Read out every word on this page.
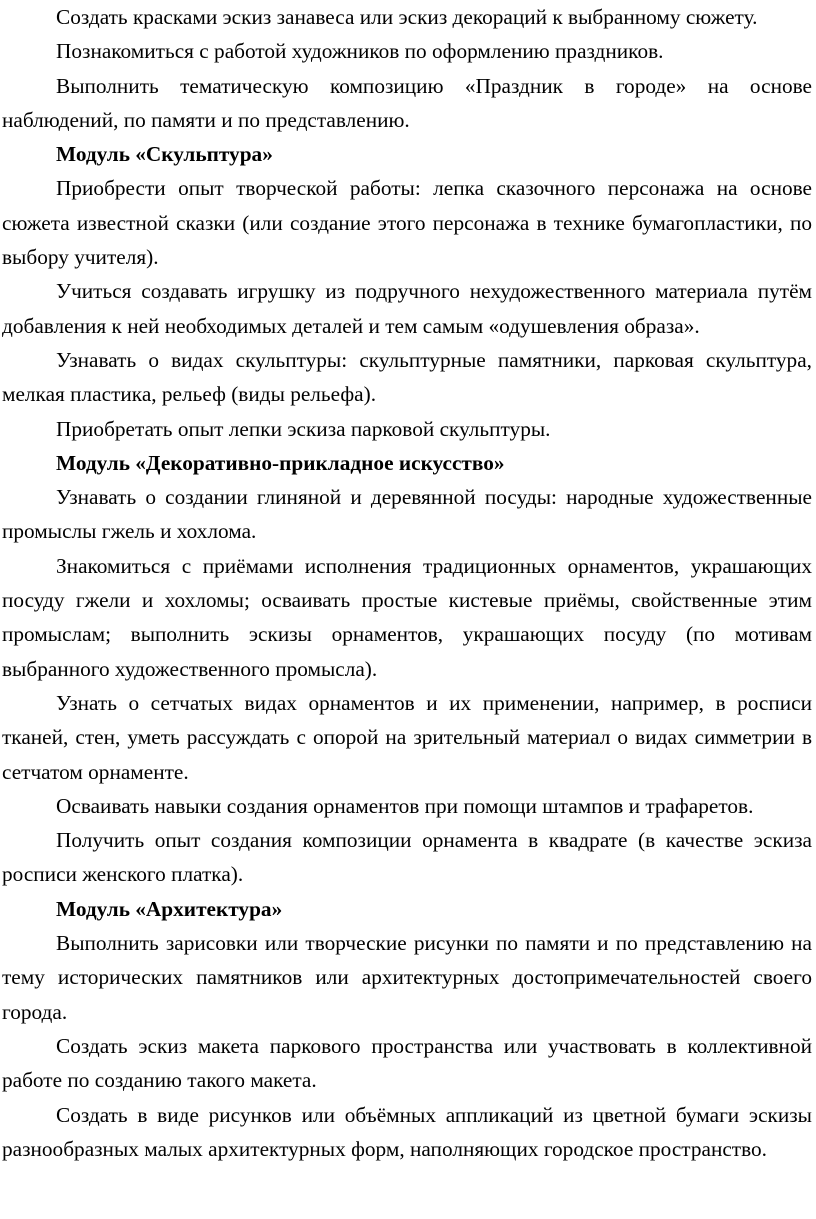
Создать красками эскиз занавеса или эскиз декораций к выбранному сюжету.

Познакомиться с работой художников по оформлению праздников.

Выполнить тематическую композицию «Праздник в городе» на основе наблюдений, по памяти и по представлению.

Модуль «Скульптура»

Приобрести опыт творческой работы: лепка сказочного персонажа на основе сюжета известной сказки (или создание этого персонажа в технике бумагопластики, по выбору учителя).

Учиться создавать игрушку из подручного нехудожественного материала путём добавления к ней необходимых деталей и тем самым «одушевления образа».

Узнавать о видах скульптуры: скульптурные памятники, парковая скульптура, мелкая пластика, рельеф (виды рельефа).

Приобретать опыт лепки эскиза парковой скульптуры.

Модуль «Декоративно-прикладное искусство»

Узнавать о создании глиняной и деревянной посуды: народные художественные промыслы гжель и хохлома.

Знакомиться с приёмами исполнения традиционных орнаментов, украшающих посуду гжели и хохломы; осваивать простые кистевые приёмы, свойственные этим промыслам; выполнить эскизы орнаментов, украшающих посуду (по мотивам выбранного художественного промысла).

Узнать о сетчатых видах орнаментов и их применении, например, в росписи тканей, стен, уметь рассуждать с опорой на зрительный материал о видах симметрии в сетчатом орнаменте.

Осваивать навыки создания орнаментов при помощи штампов и трафаретов.

Получить опыт создания композиции орнамента в квадрате (в качестве эскиза росписи женского платка).

Модуль «Архитектура»

Выполнить зарисовки или творческие рисунки по памяти и по представлению на тему исторических памятников или архитектурных достопримечательностей своего города.

Создать эскиз макета паркового пространства или участвовать в коллективной работе по созданию такого макета.

Создать в виде рисунков или объёмных аппликаций из цветной бумаги эскизы разнообразных малых архитектурных форм, наполняющих городское пространство.
